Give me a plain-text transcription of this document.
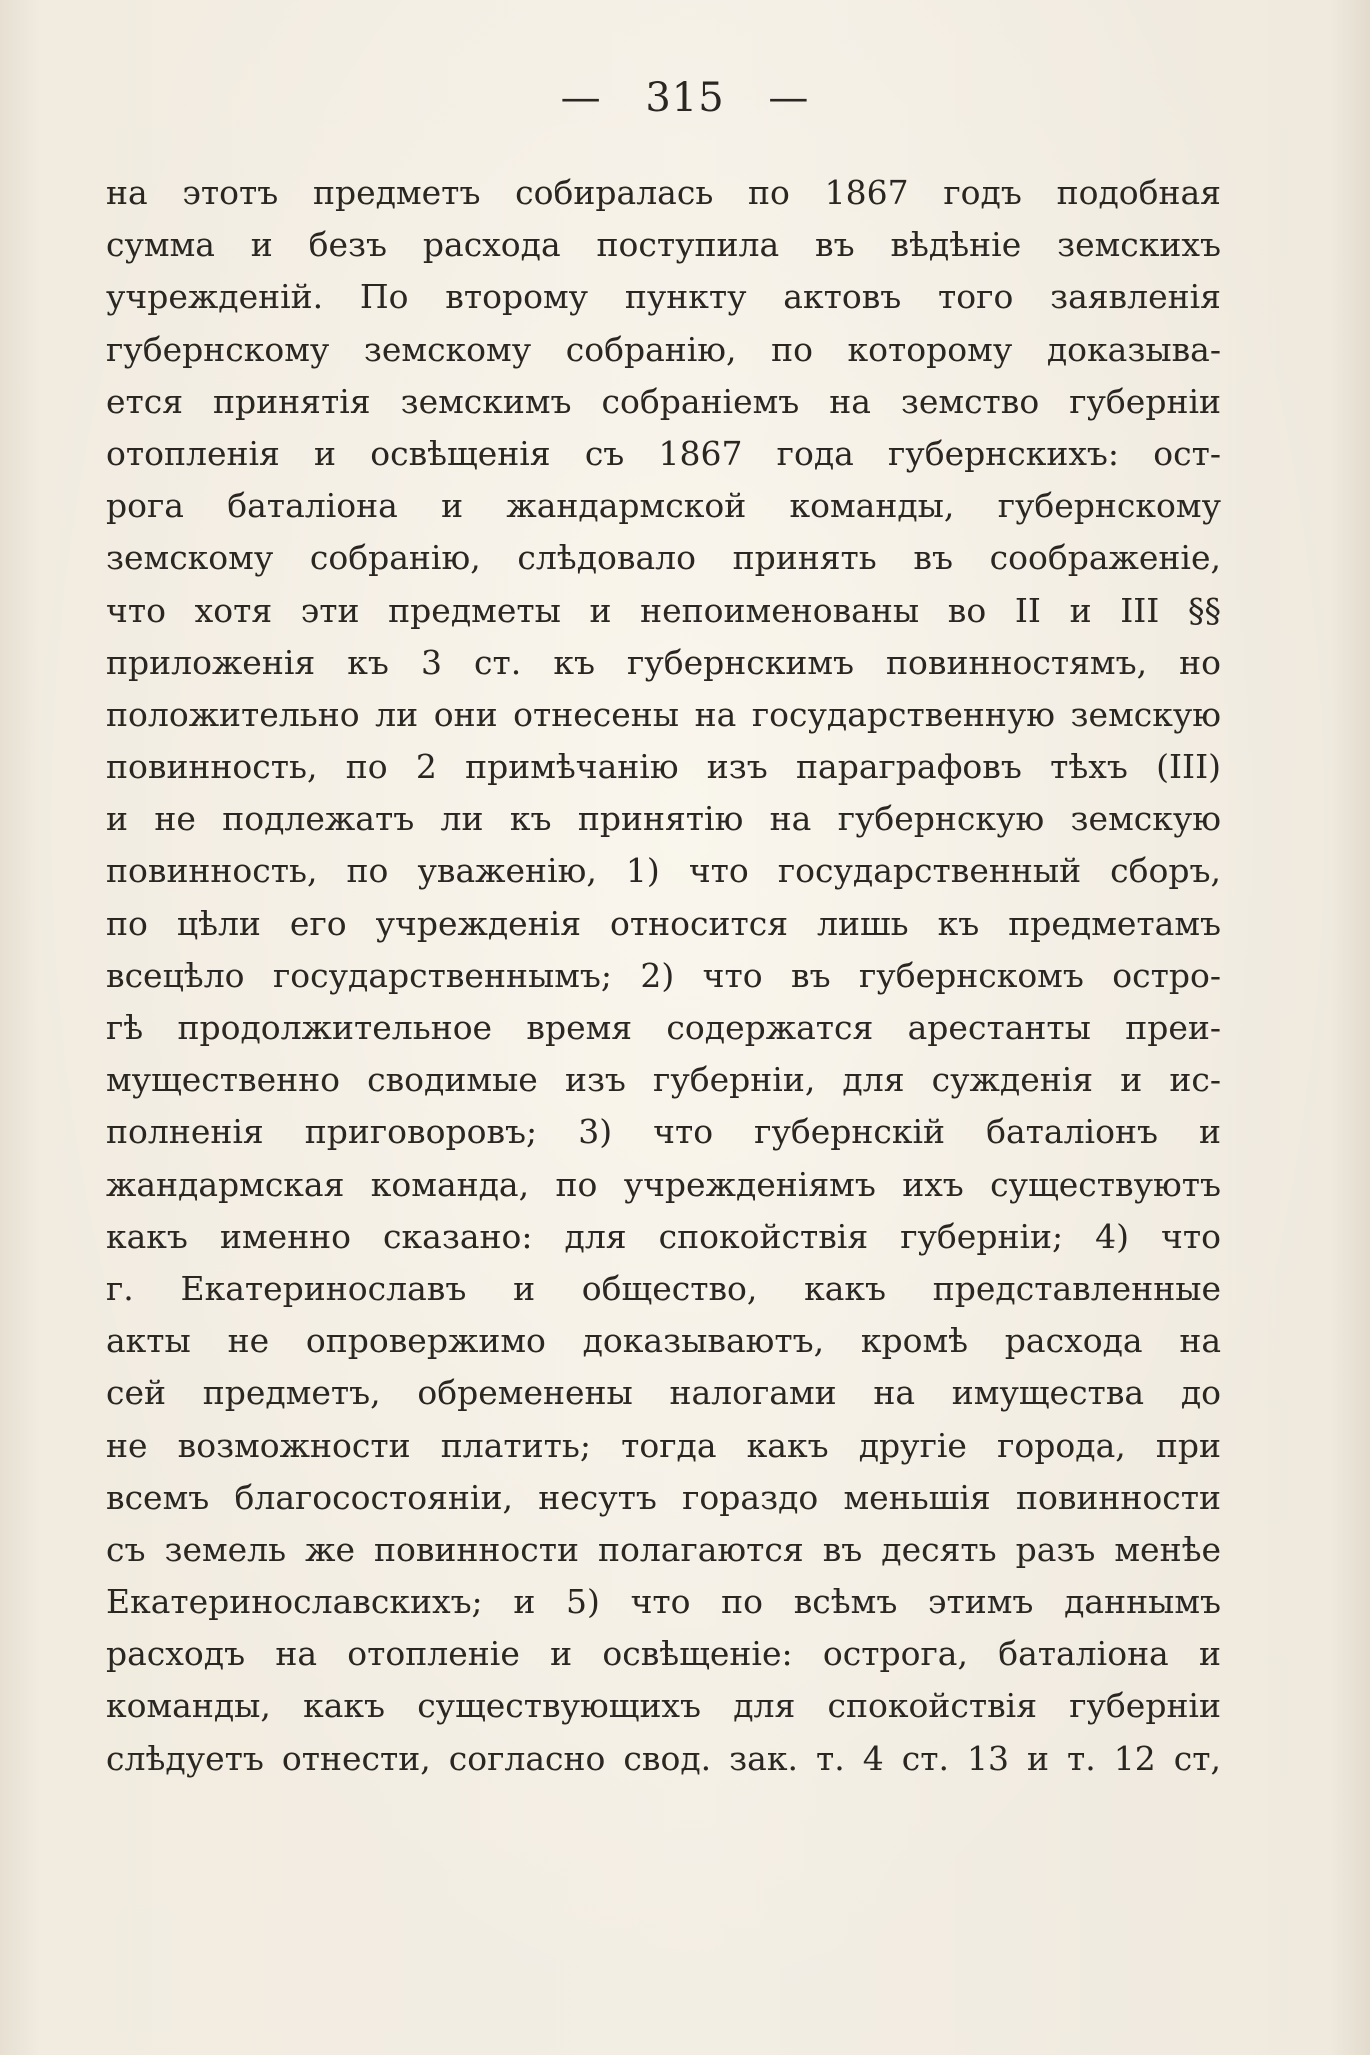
— 315 —
на этотъ предметъ собиралась по 1867 годъ подобная
сумма и безъ расхода поступила въ вѣдѣніе земскихъ
учрежденій. По второму пункту актовъ того заявленія
губернскому земскому собранію, по которому доказыва-
ется принятія земскимъ собраніемъ на земство губерніи
отопленія и освѣщенія съ 1867 года губернскихъ: ост-
рога баталіона и жандармской команды, губернскому
земскому собранію, слѣдовало принять въ соображеніе,
что хотя эти предметы и непоименованы во II и III §§
приложенія къ 3 ст. къ губернскимъ повинностямъ, но
положительно ли они отнесены на государственную земскую
повинность, по 2 примѣчанію изъ параграфовъ тѣхъ (III)
и не подлежатъ ли къ принятію на губернскую земскую
повинность, по уваженію, 1) что государственный сборъ,
по цѣли его учрежденія относится лишь къ предметамъ
всецѣло государственнымъ; 2) что въ губернскомъ остро-
гѣ продолжительное время содержатся арестанты преи-
мущественно сводимые изъ губерніи, для сужденія и ис-
полненія приговоровъ; 3) что губернскій баталіонъ и
жандармская команда, по учрежденіямъ ихъ существуютъ
какъ именно сказано: для спокойствія губерніи; 4) что
г. Екатеринославъ и общество, какъ представленные
акты не опровержимо доказываютъ, кромѣ расхода на
сей предметъ, обременены налогами на имущества до
не возможности платить; тогда какъ другіе города, при
всемъ благосостояніи, несутъ гораздо меньшія повинности
съ земель же повинности полагаются въ десять разъ менѣе
Екатеринославскихъ; и 5) что по всѣмъ этимъ даннымъ
расходъ на отопленіе и освѣщеніе: острога, баталіона и
команды, какъ существующихъ для спокойствія губерніи
слѣдуетъ отнести, согласно свод. зак. т. 4 ст. 13 и т. 12 ст,
